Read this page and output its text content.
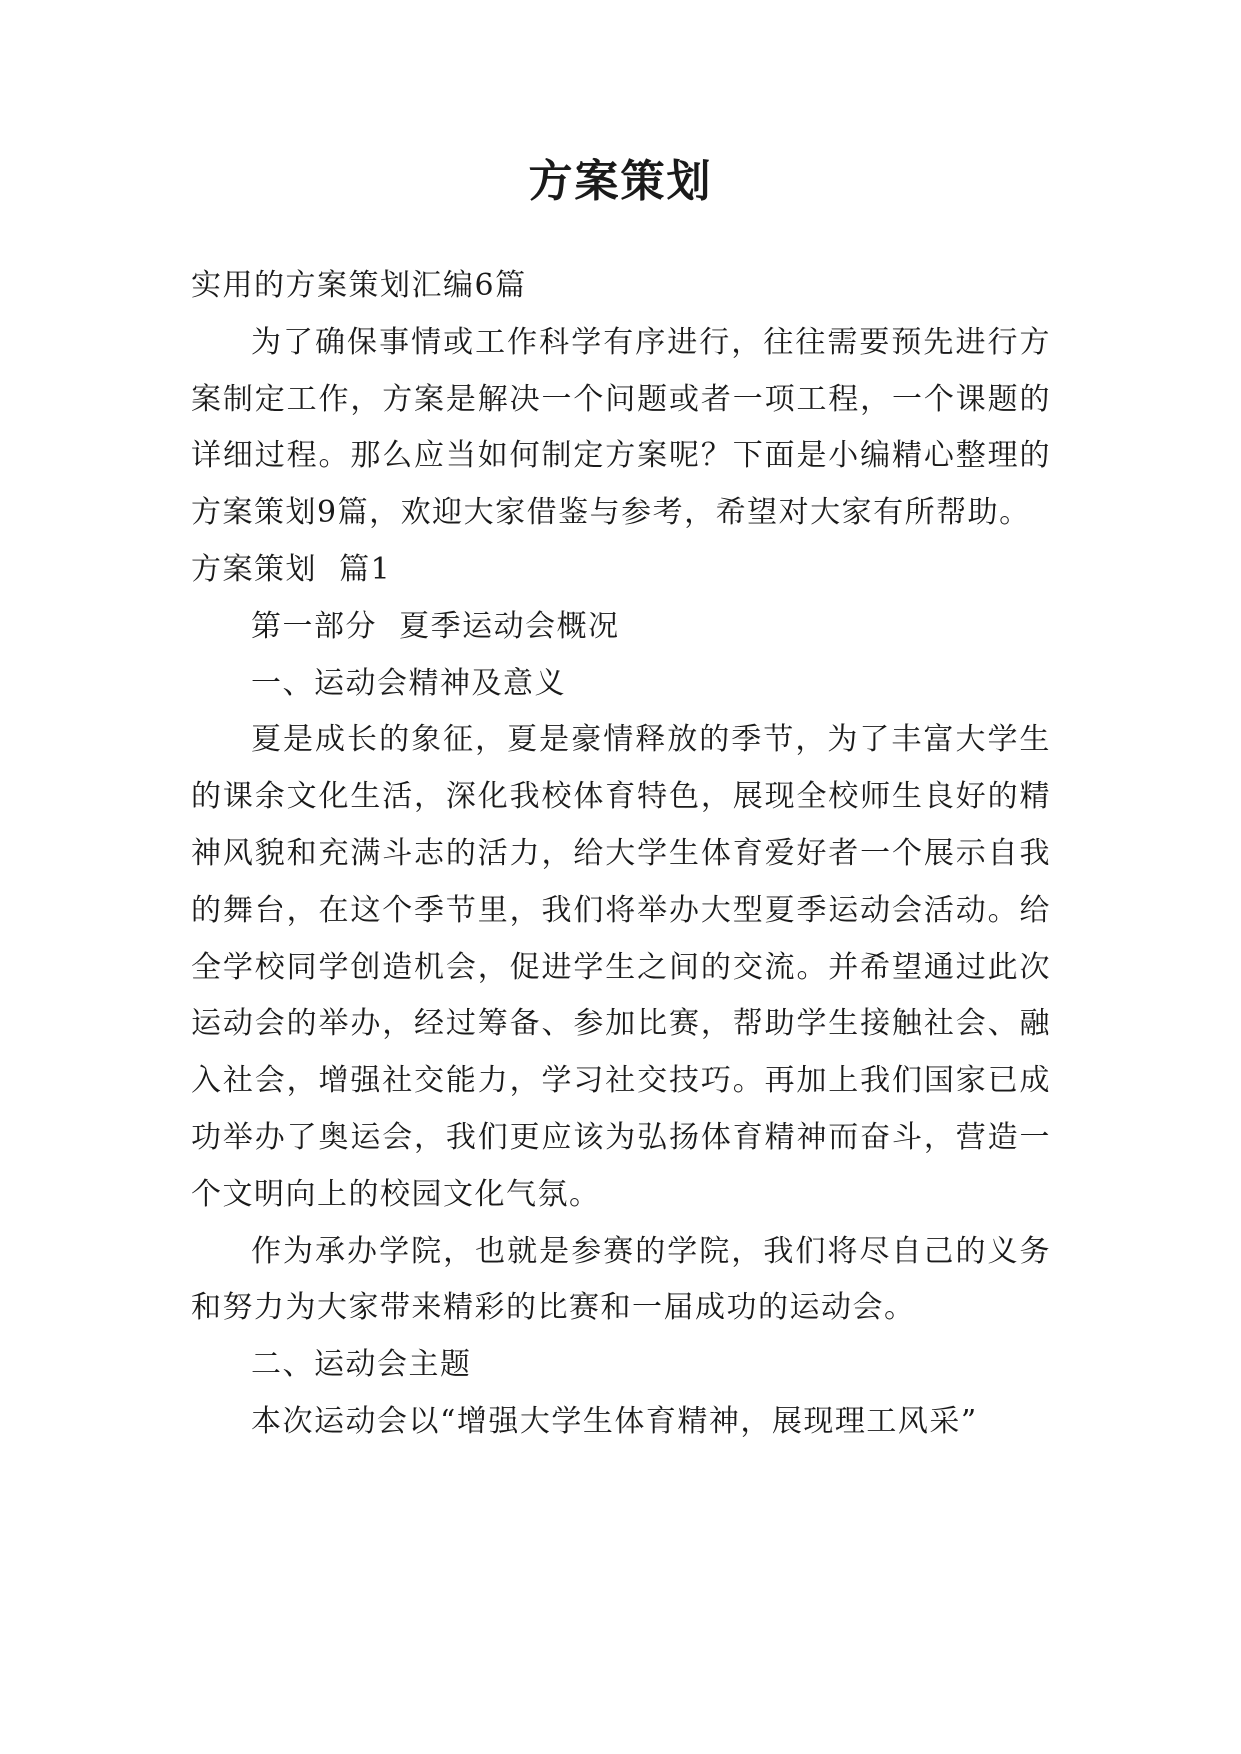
方案策划

实用的方案策划汇编6篇

为了确保事情或工作科学有序进行，往往需要预先进行方案制定工作，方案是解决一个问题或者一项工程，一个课题的详细过程。那么应当如何制定方案呢？下面是小编精心整理的方案策划9篇，欢迎大家借鉴与参考，希望对大家有所帮助。

方案策划  篇1

第一部分  夏季运动会概况

一、运动会精神及意义

夏是成长的象征，夏是豪情释放的季节，为了丰富大学生的课余文化生活，深化我校体育特色，展现全校师生良好的精神风貌和充满斗志的活力，给大学生体育爱好者一个展示自我的舞台，在这个季节里，我们将举办大型夏季运动会活动。给全学校同学创造机会，促进学生之间的交流。并希望通过此次运动会的举办，经过筹备、参加比赛，帮助学生接触社会、融入社会，增强社交能力，学习社交技巧。再加上我们国家已成功举办了奥运会，我们更应该为弘扬体育精神而奋斗，营造一个文明向上的校园文化气氛。

作为承办学院，也就是参赛的学院，我们将尽自己的义务和努力为大家带来精彩的比赛和一届成功的运动会。

二、运动会主题

本次运动会以“增强大学生体育精神，展现理工风采”
